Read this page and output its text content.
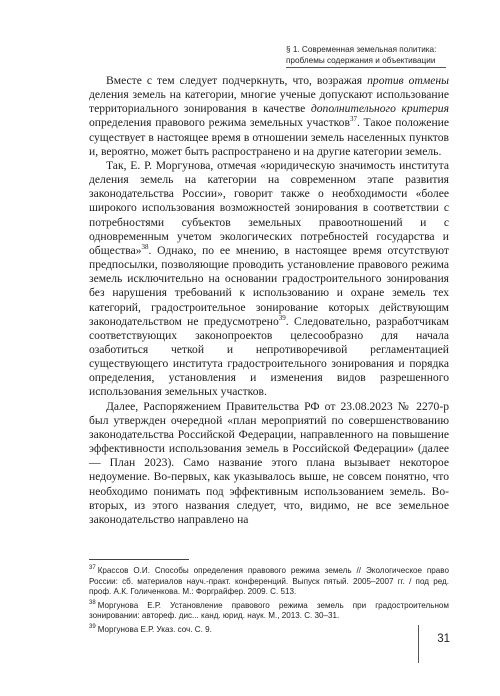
§ 1. Современная земельная политика:
проблемы содержания и объективации

Вместе с тем следует подчеркнуть, что, возражая против отмены деления земель на категории, многие ученые допускают использование территориального зонирования в качестве дополнительного критерия определения правового режима земельных участков$^{37}$. Такое положение существует в настоящее время в отношении земель населенных пунктов и, вероятно, может быть распространено и на другие категории земель.

Так, Е. Р. Моргунова, отмечая «юридическую значимость института деления земель на категории на современном этапе развития законодательства России», говорит также о необходимости «более широкого использования возможностей зонирования в соответствии с потребностями субъектов земельных правоотношений и с одновременным учетом экологических потребностей государства и общества»$^{38}$. Однако, по ее мнению, в настоящее время отсутствуют предпосылки, позволяющие проводить установление правового режима земель исключительно на основании градостроительного зонирования без нарушения требований к использованию и охране земель тех категорий, градостроительное зонирование которых действующим законодательством не предусмотрено$^{39}$. Следовательно, разработчикам соответствующих законопроектов целесообразно для начала озаботиться четкой и непротиворечивой регламентацией существующего института градостроительного зонирования и порядка определения, установления и изменения видов разрешенного использования земельных участков.

Далее, Распоряжением Правительства РФ от 23.08.2023 № 2270-р был утвержден очередной «план мероприятий по совершенствованию законодательства Российской Федерации, направленного на повышение эффективности использования земель в Российской Федерации» (далее — План 2023). Само название этого плана вызывает некоторое недоумение. Во-первых, как указывалось выше, не совсем понятно, что необходимо понимать под эффективным использованием земель. Во-вторых, из этого названия следует, что, видимо, не все земельное законодательство направлено на

$^{37}$ Крассов О.И. Способы определения правового режима земель // Экологическое право России: сб. материалов науч.-практ. конференций. Выпуск пятый. 2005–2007 гг. / под ред. проф. А.К. Голиченкова. М.: Форграйфер. 2009. С. 513.

$^{38}$ Моргунова Е.Р. Установление правового режима земель при градостроительном зонировании: автореф. дис... канд. юрид. наук. М., 2013. С. 30–31.

$^{39}$ Моргунова Е.Р. Указ. соч. С. 9.

31
